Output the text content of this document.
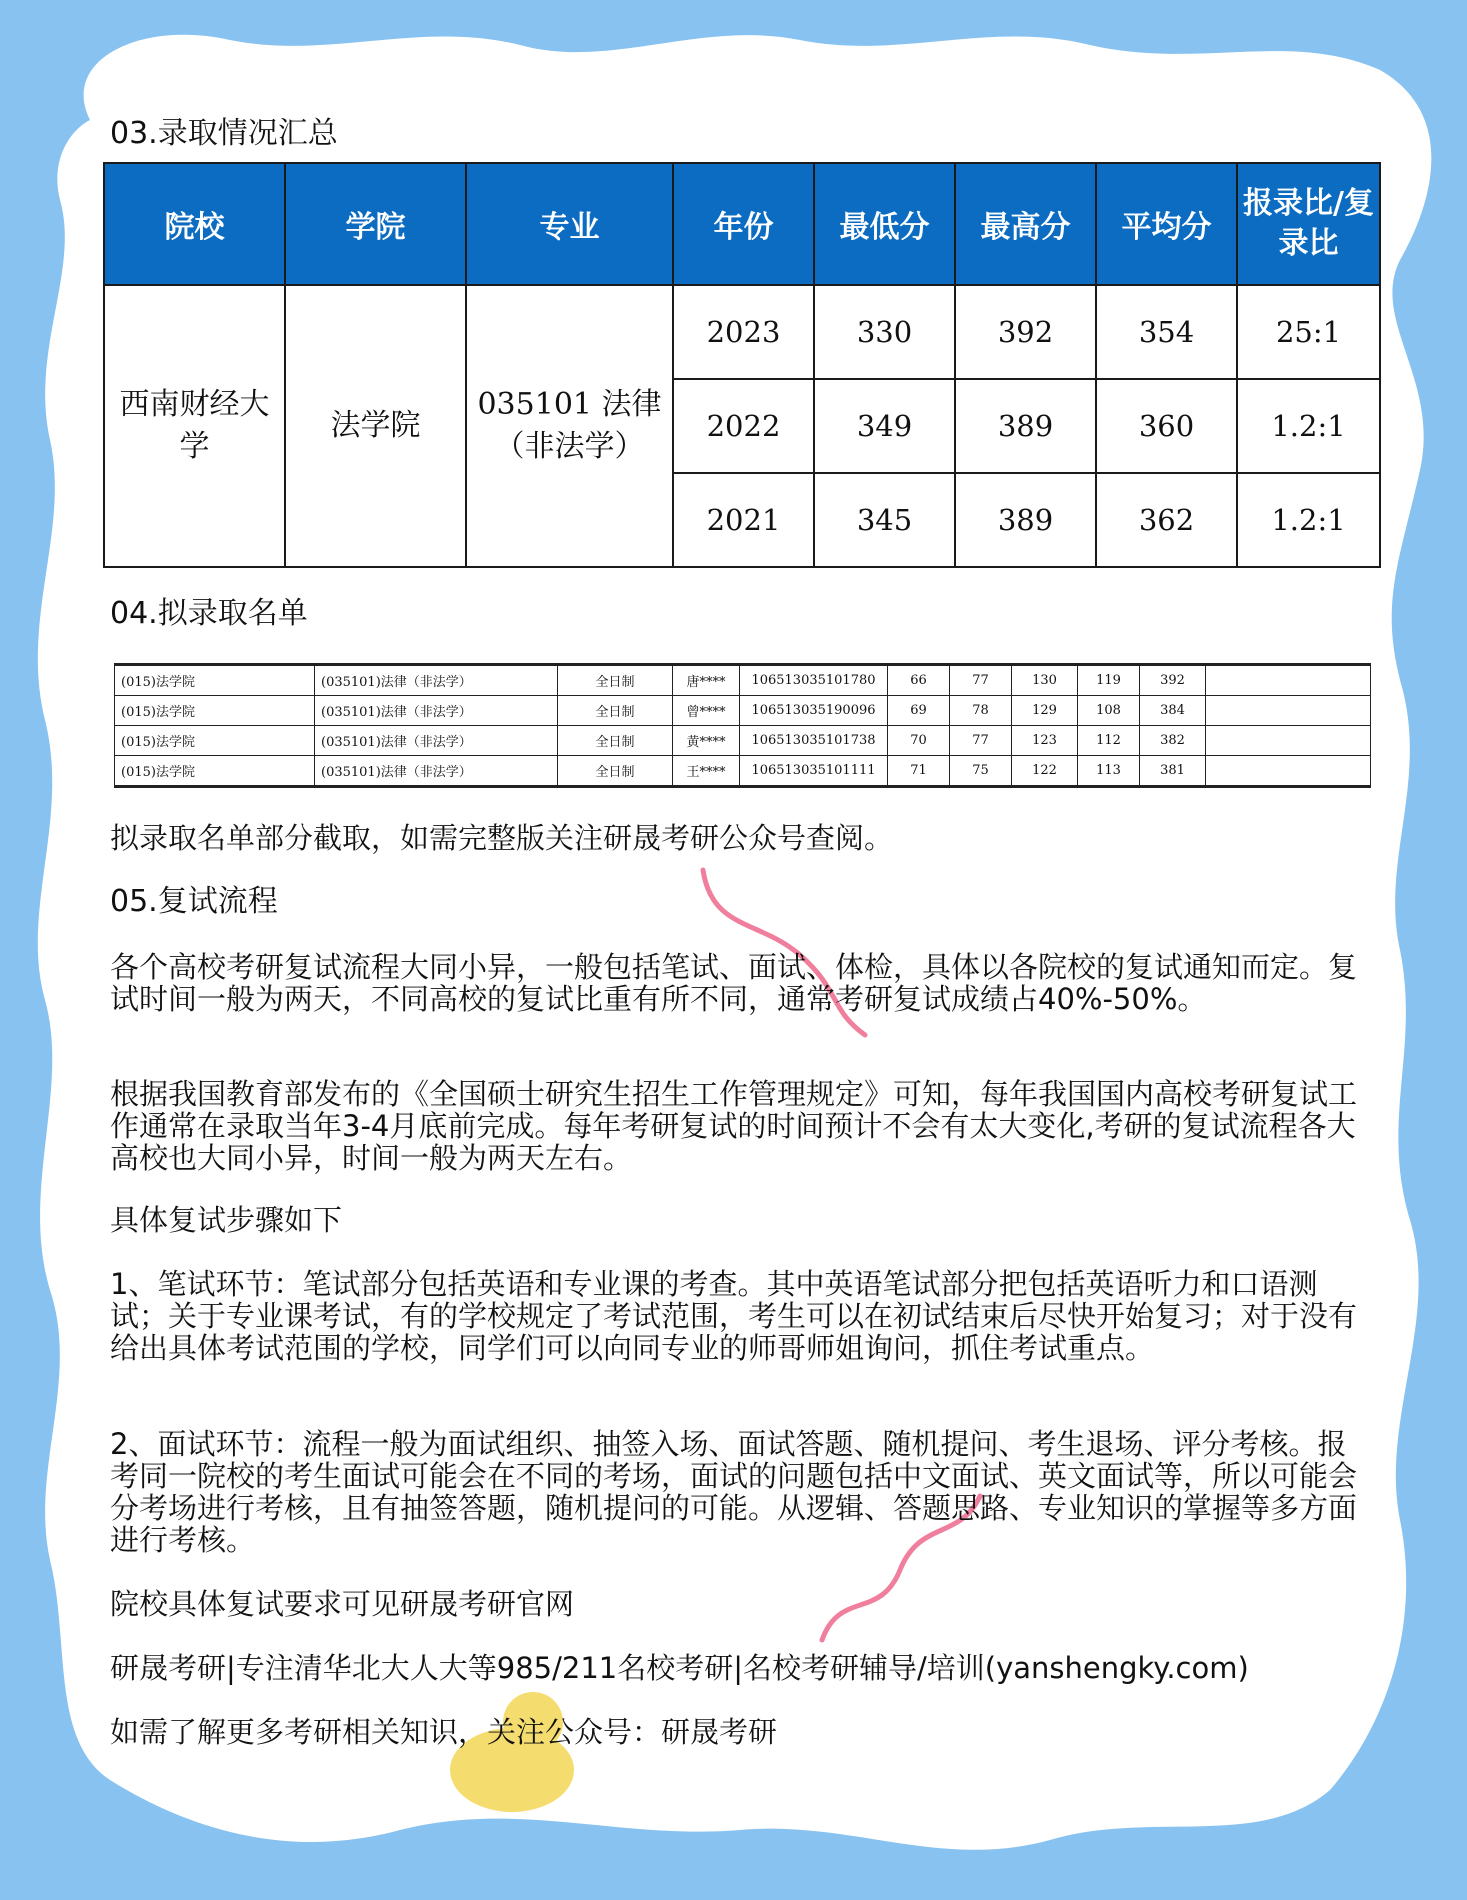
03.录取情况汇总
院校	学院	专业	年份	最低分	最高分	平均分	报录比/复录比
西南财经大学	法学院	035101 法律（非法学）	2023	330	392	354	25:1
			2022	349	389	360	1.2:1
			2021	345	389	362	1.2:1
04.拟录取名单
(015)法学院	(035101)法律（非法学）	全日制	唐****	106513035101780	66	77	130	119	392	
(015)法学院	(035101)法律（非法学）	全日制	曾****	106513035190096	69	78	129	108	384	
(015)法学院	(035101)法律（非法学）	全日制	黄****	106513035101738	70	77	123	112	382	
(015)法学院	(035101)法律（非法学）	全日制	王****	106513035101111	71	75	122	113	381	
拟录取名单部分截取，如需完整版关注研晟考研公众号查阅。
05.复试流程
各个高校考研复试流程大同小异，一般包括笔试、面试、体检，具体以各院校的复试通知而定。复试时间一般为两天，不同高校的复试比重有所不同，通常考研复试成绩占40%-50%。
根据我国教育部发布的《全国硕士研究生招生工作管理规定》可知，每年我国国内高校考研复试工作通常在录取当年3-4月底前完成。每年考研复试的时间预计不会有太大变化,考研的复试流程各大高校也大同小异，时间一般为两天左右。
具体复试步骤如下
1、笔试环节：笔试部分包括英语和专业课的考查。其中英语笔试部分把包括英语听力和口语测试；关于专业课考试，有的学校规定了考试范围，考生可以在初试结束后尽快开始复习；对于没有给出具体考试范围的学校，同学们可以向同专业的师哥师姐询问，抓住考试重点。
2、面试环节：流程一般为面试组织、抽签入场、面试答题、随机提问、考生退场、评分考核。报考同一院校的考生面试可能会在不同的考场，面试的问题包括中文面试、英文面试等，所以可能会分考场进行考核，且有抽签答题，随机提问的可能。从逻辑、答题思路、专业知识的掌握等多方面进行考核。
院校具体复试要求可见研晟考研官网
研晟考研|专注清华北大人大等985/211名校考研|名校考研辅导/培训(yanshengky.com)
如需了解更多考研相关知识，关注公众号：研晟考研
